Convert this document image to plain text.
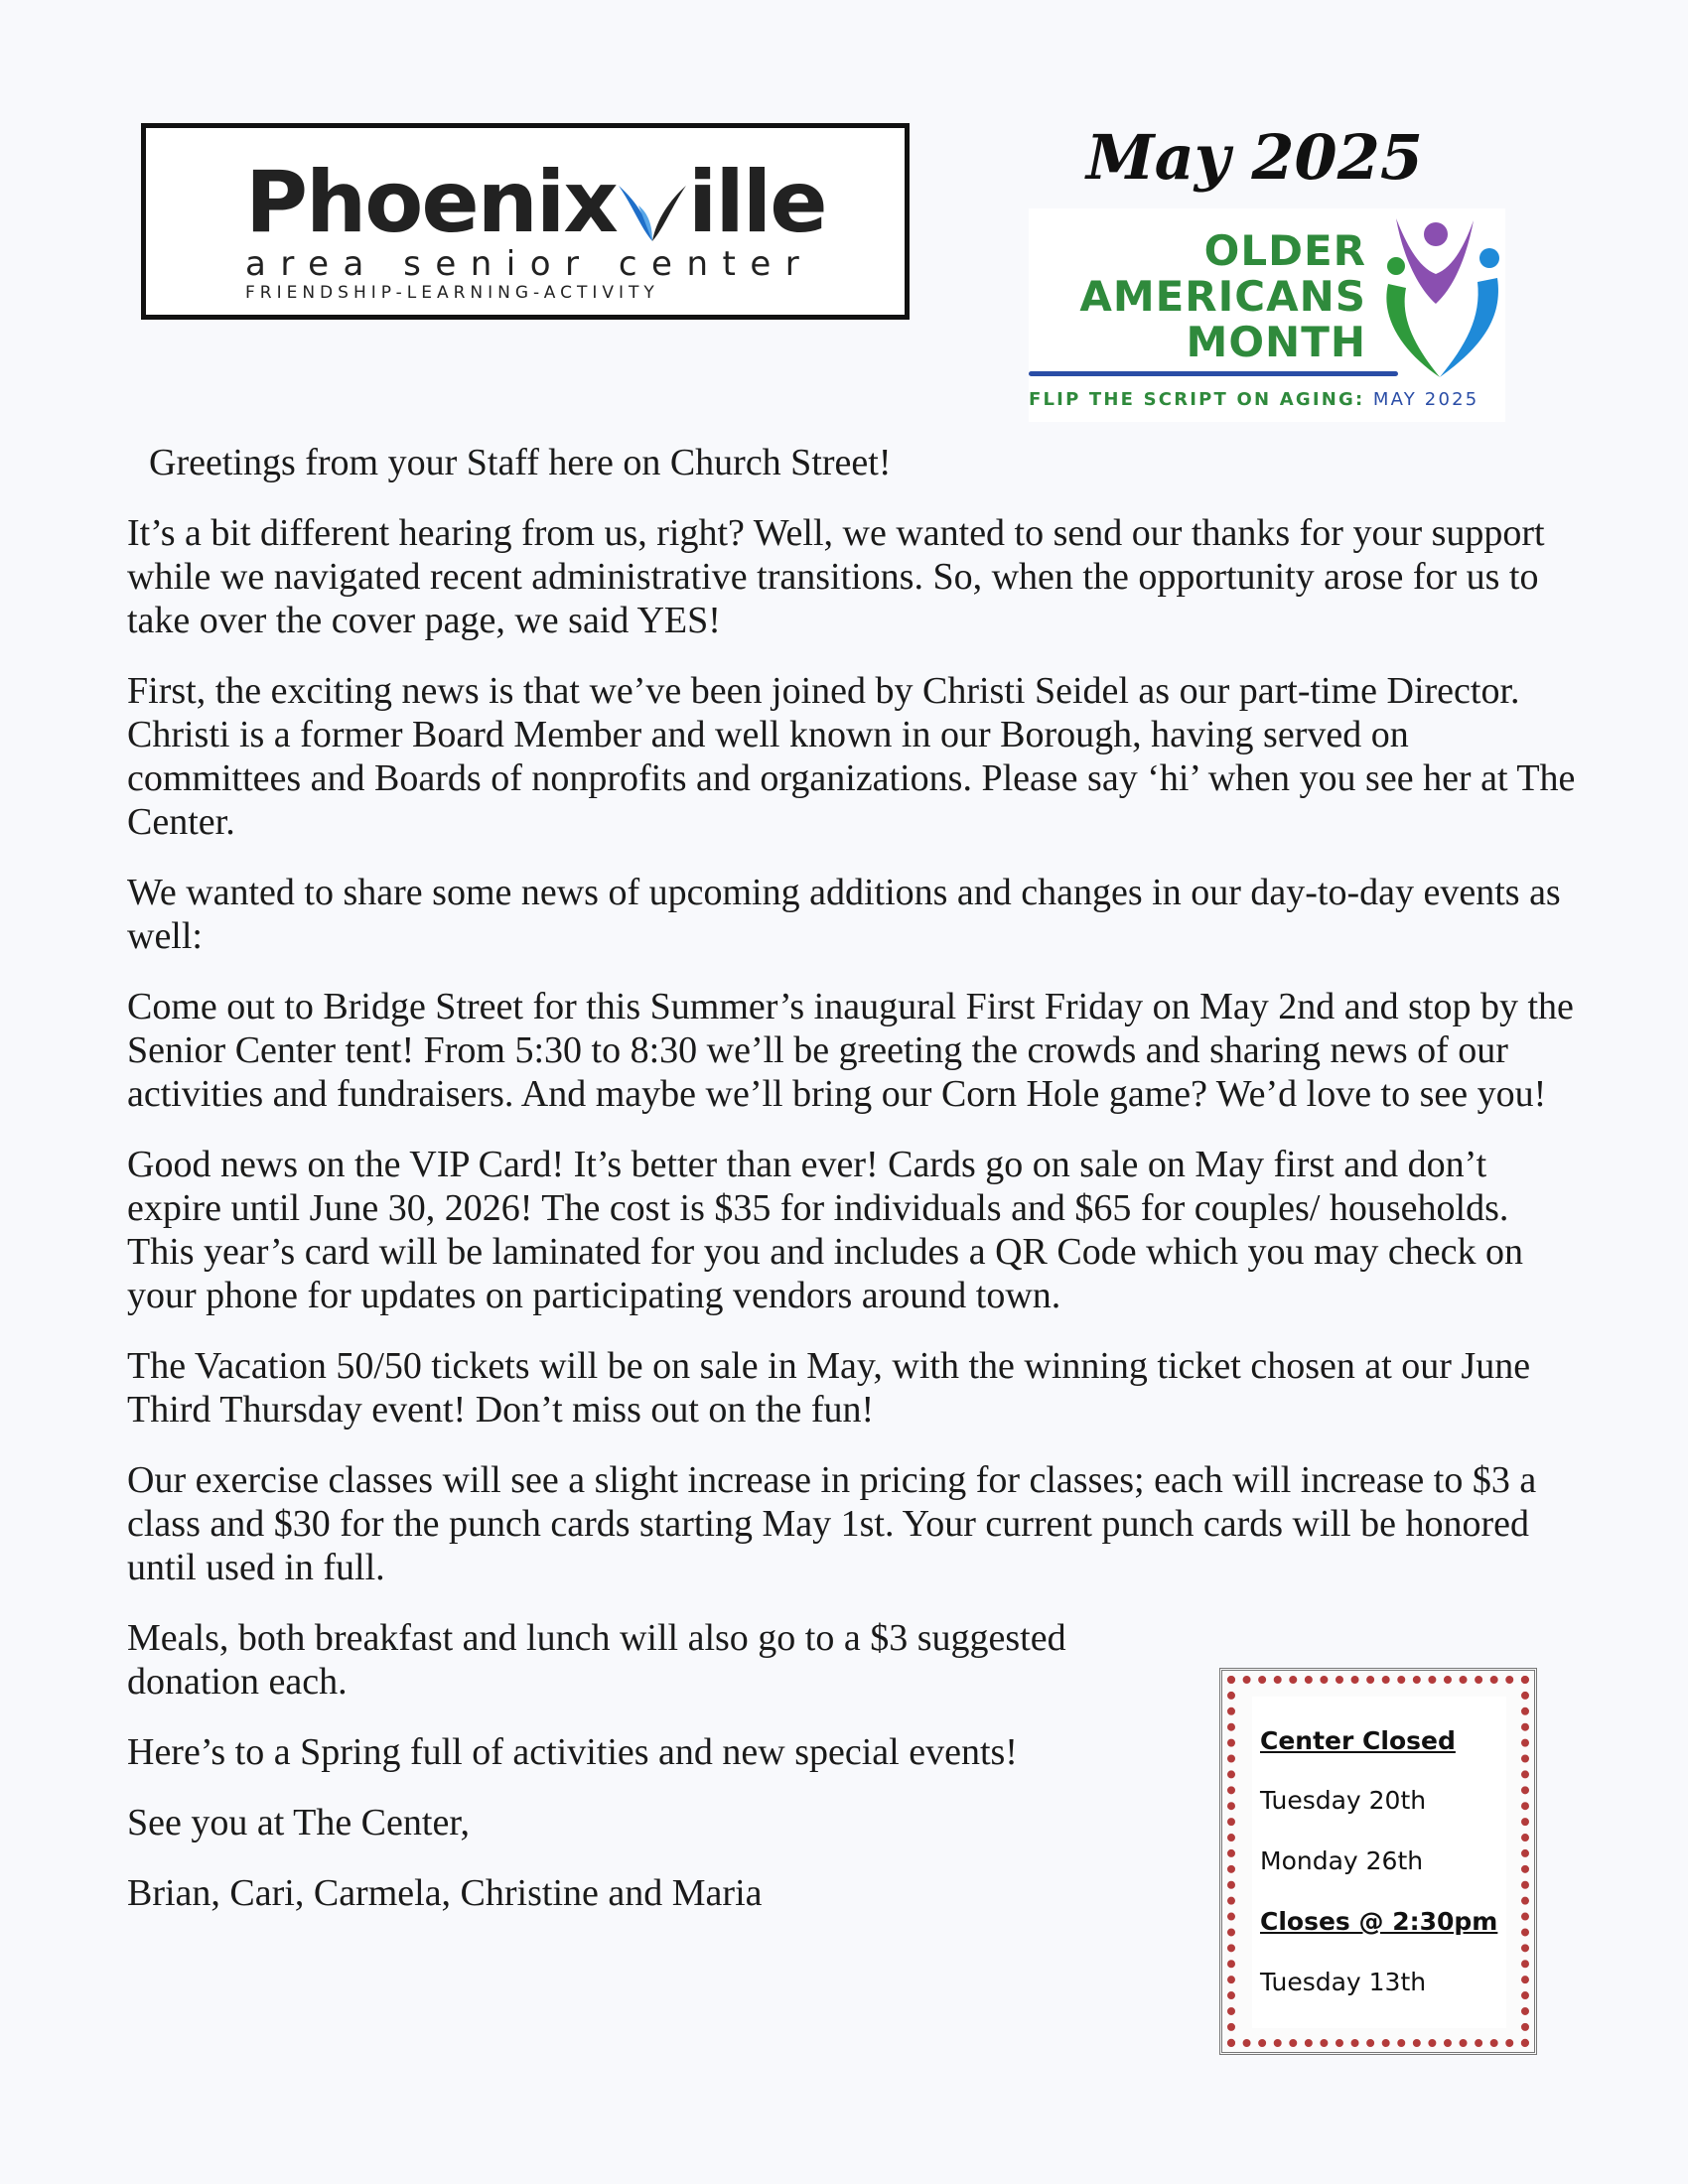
Phoenix ille
area senior center
FRIENDSHIP-LEARNING-ACTIVITY
May 2025
OLDER
AMERICANS
MONTH
FLIP THE SCRIPT ON AGING: MAY 2025

Greetings from your Staff here on Church Street!

It’s a bit different hearing from us, right? Well, we wanted to send our thanks for your support while we navigated recent administrative transitions. So, when the opportunity arose for us to take over the cover page, we said YES!

First, the exciting news is that we’ve been joined by Christi Seidel as our part-time Director. Christi is a former Board Member and well known in our Borough, having served on committees and Boards of nonprofits and organizations. Please say ‘hi’ when you see her at The Center.

We wanted to share some news of upcoming additions and changes in our day-to-day events as well:

Come out to Bridge Street for this Summer’s inaugural First Friday on May 2nd and stop by the Senior Center tent! From 5:30 to 8:30 we’ll be greeting the crowds and sharing news of our activities and fundraisers. And maybe we’ll bring our Corn Hole game? We’d love to see you!

Good news on the VIP Card! It’s better than ever! Cards go on sale on May first and don’t expire until June 30, 2026! The cost is $35 for individuals and $65 for couples/ households. This year’s card will be laminated for you and includes a QR Code which you may check on your phone for updates on participating vendors around town.

The Vacation 50/50 tickets will be on sale in May, with the winning ticket chosen at our June Third Thursday event! Don’t miss out on the fun!

Our exercise classes will see a slight increase in pricing for classes; each will increase to $3 a class and $30 for the punch cards starting May 1st. Your current punch cards will be honored until used in full.

Meals, both breakfast and lunch will also go to a $3 suggested donation each.

Here’s to a Spring full of activities and new special events!

See you at The Center,

Brian, Cari, Carmela, Christine and Maria

Center Closed
Tuesday 20th
Monday 26th
Closes @ 2:30pm
Tuesday 13th
